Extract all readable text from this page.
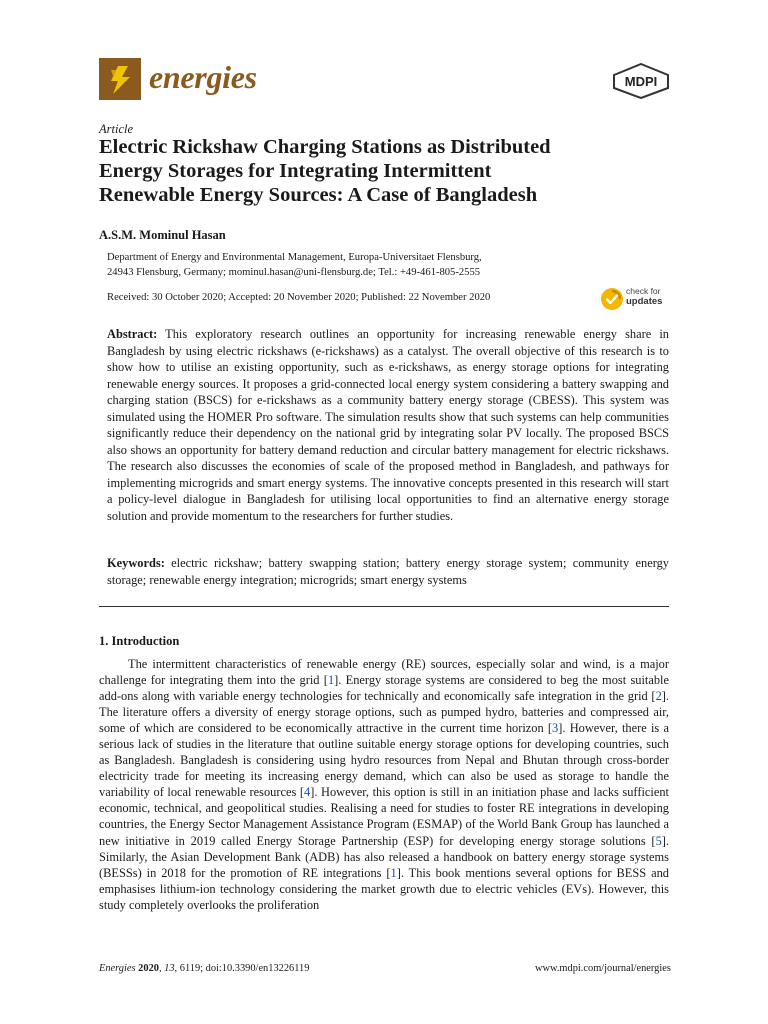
energies	MDPI
Article
Electric Rickshaw Charging Stations as Distributed
Energy Storages for Integrating Intermittent
Renewable Energy Sources: A Case of Bangladesh
A.S.M. Mominul Hasan
Department of Energy and Environmental Management, Europa-Universitaet Flensburg,
24943 Flensburg, Germany; mominul.hasan@uni-flensburg.de; Tel.: +49-461-805-2555
Received: 30 October 2020; Accepted: 20 November 2020; Published: 22 November 2020
check for
updates
Abstract: This exploratory research outlines an opportunity for increasing renewable energy share in Bangladesh by using electric rickshaws (e-rickshaws) as a catalyst. The overall objective of this research is to show how to utilise an existing opportunity, such as e-rickshaws, as energy storage options for integrating renewable energy sources. It proposes a grid-connected local energy system considering a battery swapping and charging station (BSCS) for e-rickshaws as a community battery energy storage (CBESS). This system was simulated using the HOMER Pro software. The simulation results show that such systems can help communities significantly reduce their dependency on the national grid by integrating solar PV locally. The proposed BSCS also shows an opportunity for battery demand reduction and circular battery management for electric rickshaws. The research also discusses the economies of scale of the proposed method in Bangladesh, and pathways for implementing microgrids and smart energy systems. The innovative concepts presented in this research will start a policy-level dialogue in Bangladesh for utilising local opportunities to find an alternative energy storage solution and provide momentum to the researchers for further studies.
Keywords: electric rickshaw; battery swapping station; battery energy storage system; community energy storage; renewable energy integration; microgrids; smart energy systems
1. Introduction

The intermittent characteristics of renewable energy (RE) sources, especially solar and wind, is a major challenge for integrating them into the grid [1]. Energy storage systems are considered to beg the most suitable add-ons along with variable energy technologies for technically and economically safe integration in the grid [2]. The literature offers a diversity of energy storage options, such as pumped hydro, batteries and compressed air, some of which are considered to be economically attractive in the current time horizon [3]. However, there is a serious lack of studies in the literature that outline suitable energy storage options for developing countries, such as Bangladesh. Bangladesh is considering using hydro resources from Nepal and Bhutan through cross-border electricity trade for meeting its increasing energy demand, which can also be used as storage to handle the variability of local renewable resources [4]. However, this option is still in an initiation phase and lacks sufficient economic, technical, and geopolitical studies. Realising a need for studies to foster RE integrations in developing countries, the Energy Sector Management Assistance Program (ESMAP) of the World Bank Group has launched a new initiative in 2019 called Energy Storage Partnership (ESP) for developing energy storage solutions [5]. Similarly, the Asian Development Bank (ADB) has also released a handbook on battery energy storage systems (BESSs) in 2018 for the promotion of RE integrations [1]. This book mentions several options for BESS and emphasises lithium-ion technology considering the market growth due to electric vehicles (EVs). However, this study completely overlooks the proliferation

Energies 2020, 13, 6119; doi:10.3390/en13226119	www.mdpi.com/journal/energies
